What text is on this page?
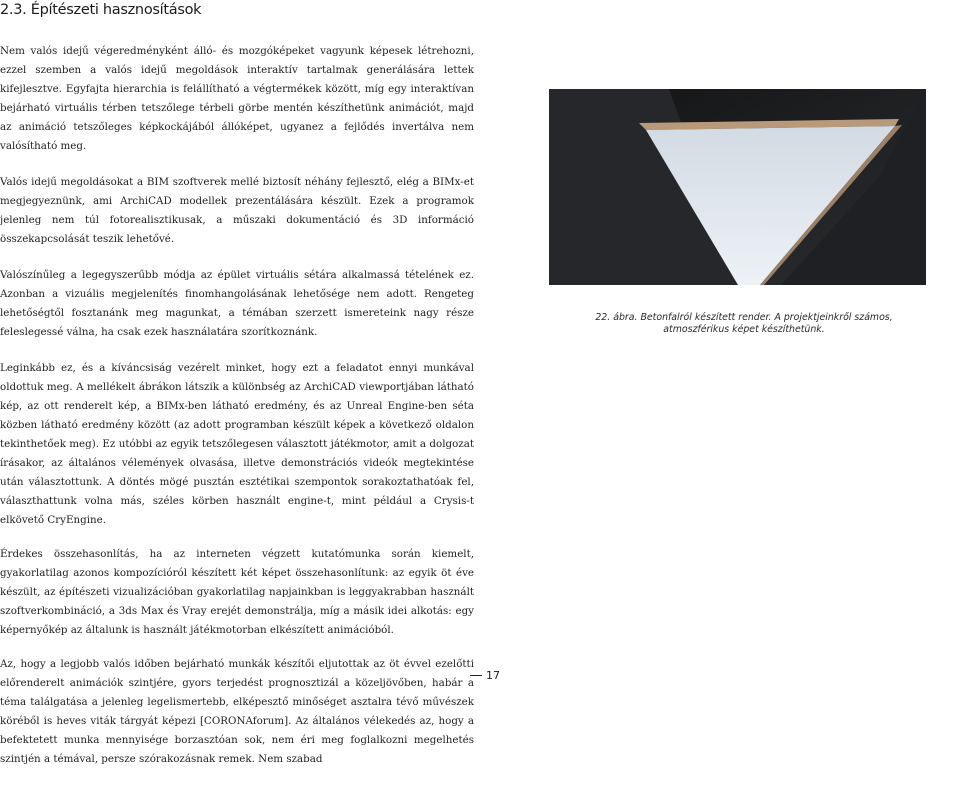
2.3. Építészeti hasznosítások

Nem valós idejű végeredményként álló- és mozgóképeket vagyunk képesek létrehozni, ezzel szemben a valós idejű megoldások interaktív tartalmak generálására lettek kifejlesztve. Egyfajta hierarchia is felállítható a végtermékek között, míg egy interaktívan bejárható virtuális térben tetszőlege térbeli görbe mentén készíthetünk animációt, majd az animáció tetszőleges képkockájából állóképet, ugyanez a fejlődés invertálva nem valósítható meg.

Valós idejű megoldásokat a BIM szoftverek mellé biztosít néhány fejlesztő, elég a BIMx-et megjegyeznünk, ami ArchiCAD modellek prezentálására készült. Ezek a programok jelenleg nem túl fotorealisztikusak, a műszaki dokumentáció és 3D információ összekapcsolását teszik lehetővé.

Valószínűleg a legegyszerűbb módja az épület virtuális sétára alkalmassá tételének ez. Azonban a vizuális megjelenítés finomhangolásának lehetősége nem adott. Rengeteg lehetőségtől fosztanánk meg magunkat, a témában szerzett ismereteink nagy része feleslegessé válna, ha csak ezek használatára szorítkoznánk.

Leginkább ez, és a kíváncsiság vezérelt minket, hogy ezt a feladatot ennyi munkával oldottuk meg. A mellékelt ábrákon látszik a különbség az ArchiCAD viewportjában látható kép, az ott renderelt kép, a BIMx-ben látható eredmény, és az Unreal Engine-ben séta közben látható eredmény között (az adott programban készült képek a következő oldalon tekinthetőek meg). Ez utóbbi az egyik tetszőlegesen választott játékmotor, amit a dolgozat írásakor, az általános vélemények olvasása, illetve demonstrációs videók megtekintése után választottunk. A döntés mögé pusztán esztétikai szempontok sorakoztathatóak fel, választhattunk volna más, széles körben használt engine-t, mint például a Crysis-t elkövető CryEngine.

Érdekes összehasonlítás, ha az interneten végzett kutatómunka során kiemelt, gyakorlatilag azonos kompozícióról készített két képet összehasonlítunk: az egyik öt éve készült, az építészeti vizualizációban gyakorlatilag napjainkban is leggyakrabban használt szoftverkombináció, a 3ds Max és Vray erejét demonstrálja, míg a másik idei alkotás: egy képernyőkép az általunk is használt játékmotorban elkészített animációból.

Az, hogy a legjobb valós időben bejárható munkák készítői eljutottak az öt évvel ezelőtti előrenderelt animációk szintjére, gyors terjedést prognosztizál a közeljövőben, habár a téma találgatása a jelenleg legelismertebb, elképesztő minőséget asztalra tévő művészek köréből is heves viták tárgyát képezi [CORONAforum]. Az általános vélekedés az, hogy a befektetett munka mennyisége borzasztóan sok, nem éri meg foglalkozni megelhetés szintjén a témával, persze szórakozásnak remek. Nem szabad

22. ábra. Betonfalról készített render. A projektjeinkről számos, atmoszférikus képet készíthetünk.
17
